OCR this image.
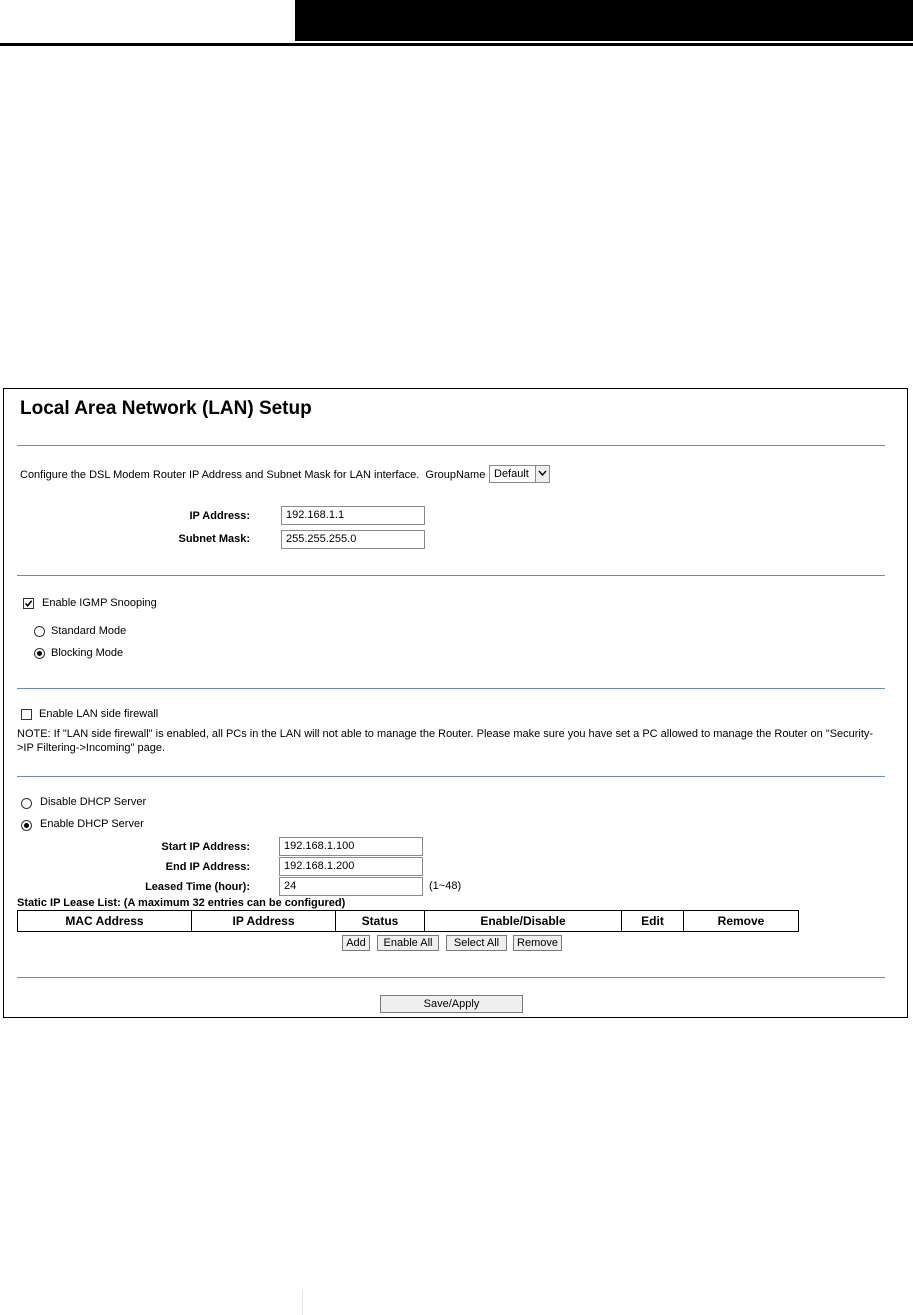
Local Area Network (LAN) Setup
Configure the DSL Modem Router IP Address and Subnet Mask for LAN interface. GroupName Default
IP Address:	192.168.1.1
Subnet Mask:	255.255.255.0
Enable IGMP Snooping
Standard Mode
Blocking Mode
Enable LAN side firewall
NOTE: If "LAN side firewall" is enabled, all PCs in the LAN will not able to manage the Router. Please make sure you have set a PC allowed to manage the Router on "Security-
>IP Filtering->Incoming" page.
Disable DHCP Server
Enable DHCP Server
Start IP Address:	192.168.1.100
End IP Address:	192.168.1.200
Leased Time (hour):	24	(1~48)
Static IP Lease List: (A maximum 32 entries can be configured)
MAC Address	IP Address	Status	Enable/Disable	Edit	Remove
Add	Enable All	Select All	Remove
Save/Apply
